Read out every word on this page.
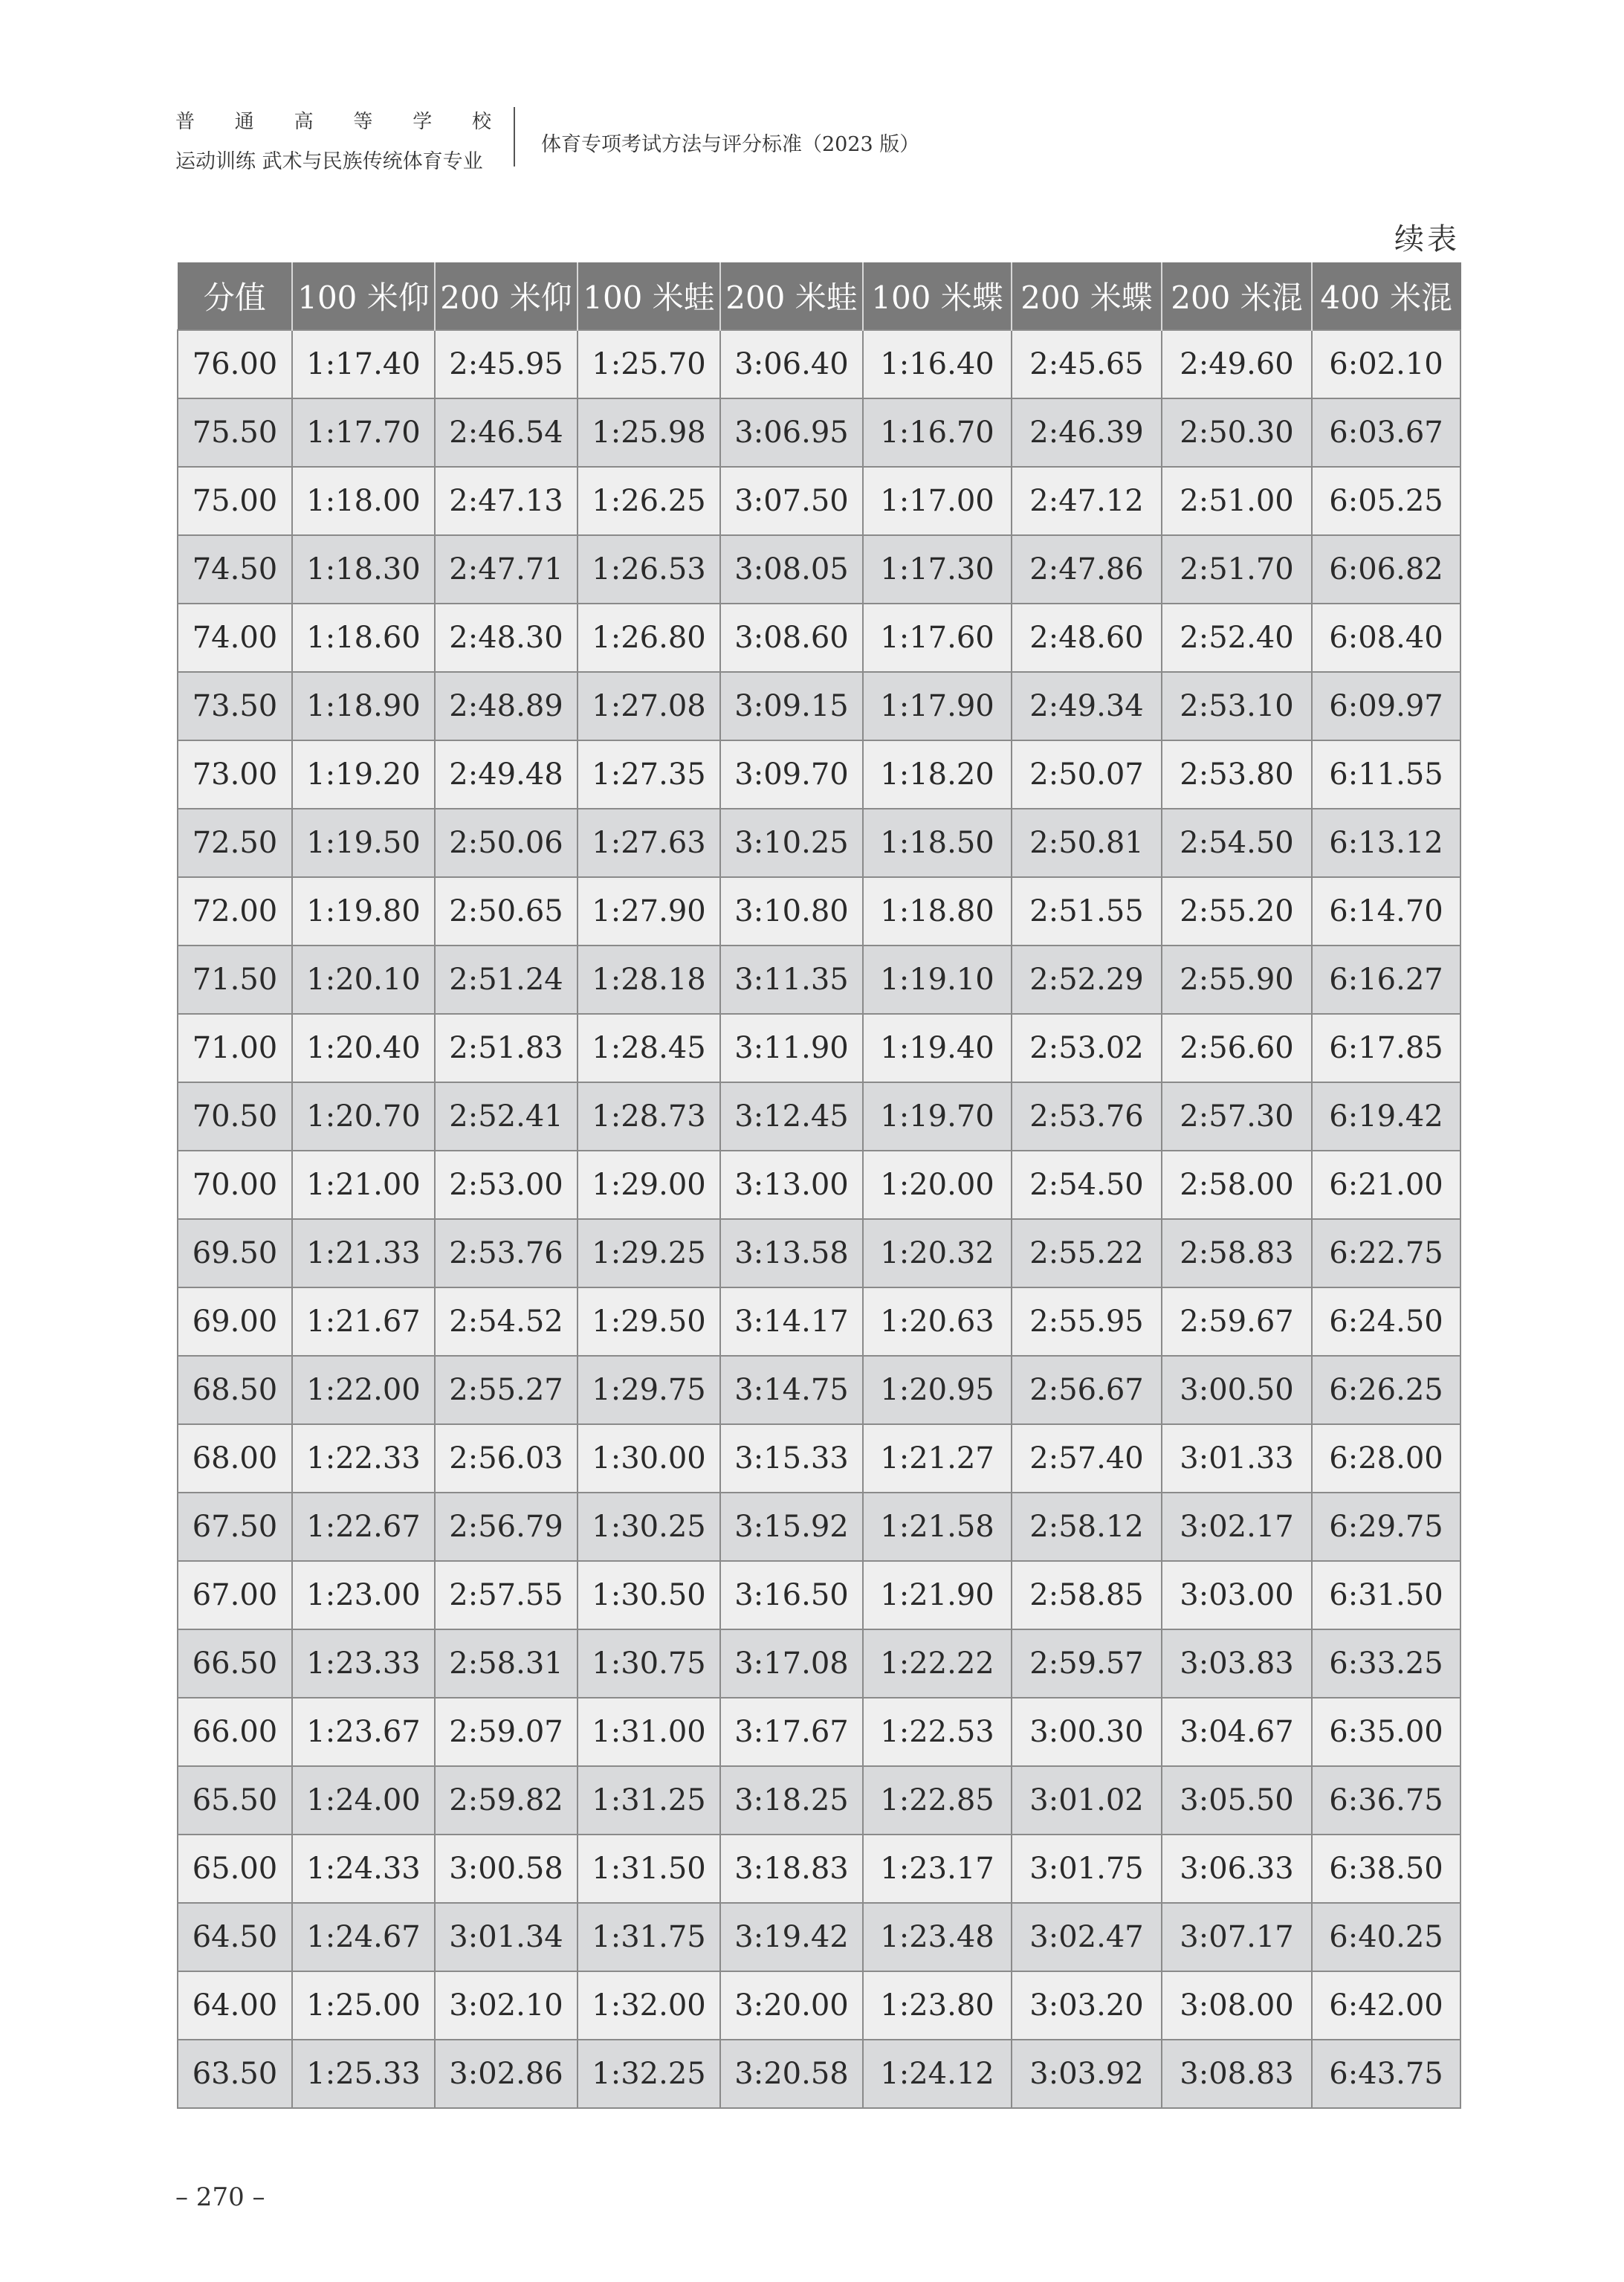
普 通 高 等 学 校
运动训练 武术与民族传统体育专业
体育专项考试方法与评分标准（2023 版）
续表
分值	100 米仰	200 米仰	100 米蛙	200 米蛙	100 米蝶	200 米蝶	200 米混	400 米混
76.00	1:17.40	2:45.95	1:25.70	3:06.40	1:16.40	2:45.65	2:49.60	6:02.10
75.50	1:17.70	2:46.54	1:25.98	3:06.95	1:16.70	2:46.39	2:50.30	6:03.67
75.00	1:18.00	2:47.13	1:26.25	3:07.50	1:17.00	2:47.12	2:51.00	6:05.25
74.50	1:18.30	2:47.71	1:26.53	3:08.05	1:17.30	2:47.86	2:51.70	6:06.82
74.00	1:18.60	2:48.30	1:26.80	3:08.60	1:17.60	2:48.60	2:52.40	6:08.40
73.50	1:18.90	2:48.89	1:27.08	3:09.15	1:17.90	2:49.34	2:53.10	6:09.97
73.00	1:19.20	2:49.48	1:27.35	3:09.70	1:18.20	2:50.07	2:53.80	6:11.55
72.50	1:19.50	2:50.06	1:27.63	3:10.25	1:18.50	2:50.81	2:54.50	6:13.12
72.00	1:19.80	2:50.65	1:27.90	3:10.80	1:18.80	2:51.55	2:55.20	6:14.70
71.50	1:20.10	2:51.24	1:28.18	3:11.35	1:19.10	2:52.29	2:55.90	6:16.27
71.00	1:20.40	2:51.83	1:28.45	3:11.90	1:19.40	2:53.02	2:56.60	6:17.85
70.50	1:20.70	2:52.41	1:28.73	3:12.45	1:19.70	2:53.76	2:57.30	6:19.42
70.00	1:21.00	2:53.00	1:29.00	3:13.00	1:20.00	2:54.50	2:58.00	6:21.00
69.50	1:21.33	2:53.76	1:29.25	3:13.58	1:20.32	2:55.22	2:58.83	6:22.75
69.00	1:21.67	2:54.52	1:29.50	3:14.17	1:20.63	2:55.95	2:59.67	6:24.50
68.50	1:22.00	2:55.27	1:29.75	3:14.75	1:20.95	2:56.67	3:00.50	6:26.25
68.00	1:22.33	2:56.03	1:30.00	3:15.33	1:21.27	2:57.40	3:01.33	6:28.00
67.50	1:22.67	2:56.79	1:30.25	3:15.92	1:21.58	2:58.12	3:02.17	6:29.75
67.00	1:23.00	2:57.55	1:30.50	3:16.50	1:21.90	2:58.85	3:03.00	6:31.50
66.50	1:23.33	2:58.31	1:30.75	3:17.08	1:22.22	2:59.57	3:03.83	6:33.25
66.00	1:23.67	2:59.07	1:31.00	3:17.67	1:22.53	3:00.30	3:04.67	6:35.00
65.50	1:24.00	2:59.82	1:31.25	3:18.25	1:22.85	3:01.02	3:05.50	6:36.75
65.00	1:24.33	3:00.58	1:31.50	3:18.83	1:23.17	3:01.75	3:06.33	6:38.50
64.50	1:24.67	3:01.34	1:31.75	3:19.42	1:23.48	3:02.47	3:07.17	6:40.25
64.00	1:25.00	3:02.10	1:32.00	3:20.00	1:23.80	3:03.20	3:08.00	6:42.00
63.50	1:25.33	3:02.86	1:32.25	3:20.58	1:24.12	3:03.92	3:08.83	6:43.75
– 270 –
